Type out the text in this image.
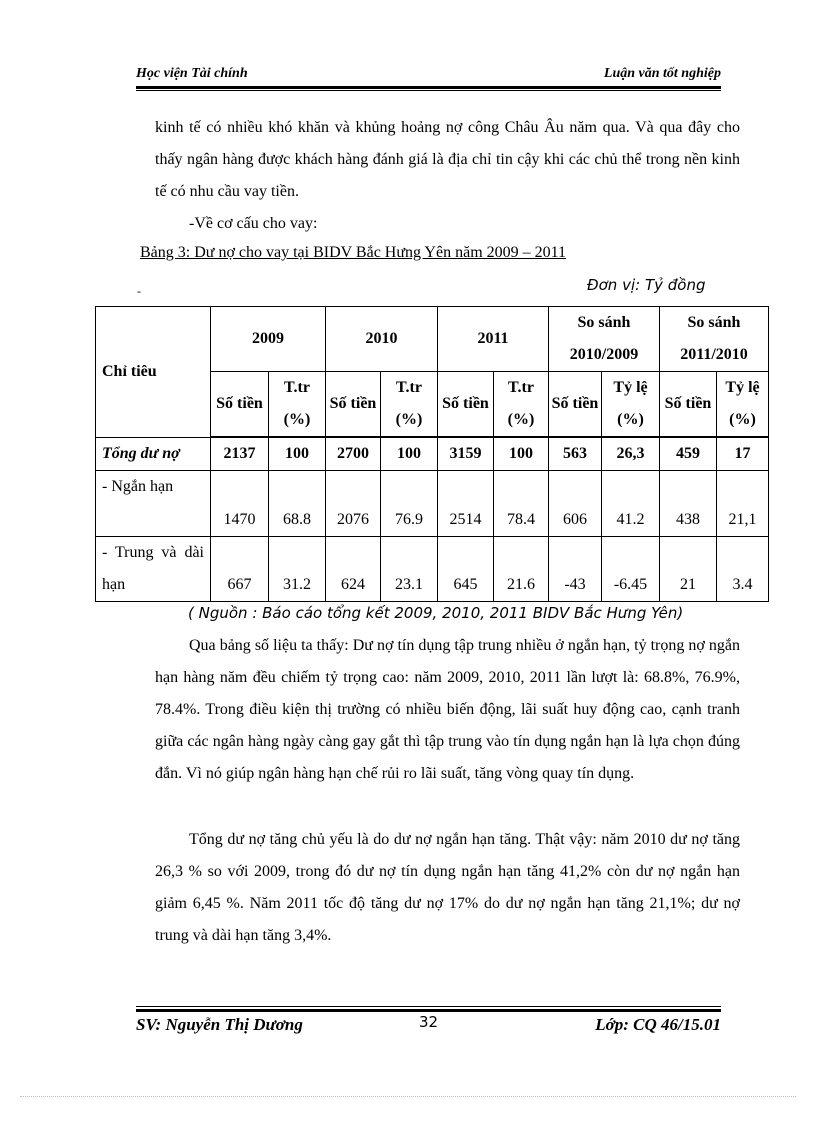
Học viện Tài chính	Luận văn tốt nghiệp

kinh tế có nhiều khó khăn và khủng hoảng nợ công Châu Âu năm qua. Và qua đây cho thấy ngân hàng được khách hàng đánh giá là địa chỉ tin cậy khi các chủ thể trong nền kinh tế có nhu cầu vay tiền.

-Về cơ cấu cho vay:

Bảng 3: Dư nợ cho vay tại BIDV Bắc Hưng Yên năm 2009 – 2011
-	Đơn vị: Tỷ đồng
Chỉ tiêu	2009		2010		2011		So sánh 2010/2009		So sánh 2011/2010	
	Số tiền	T.tr (%)	Số tiền	T.tr (%)	Số tiền	T.tr (%)	Số tiền	Tỷ lệ (%)	Số tiền	Tỷ lệ (%)

Tổng dư nợ	2137	100	2700	100	3159	100	563	26,3	459	17
- Ngắn hạn	1470	68.8	2076	76.9	2514	78.4	606	41.2	438	21,1
- Trung và dài hạn	667	31.2	624	23.1	645	21.6	-43	-6.45	21	3.4
( Nguồn : Báo cáo tổng kết 2009, 2010, 2011 BIDV Bắc Hưng Yên)

Qua bảng số liệu ta thấy: Dư nợ tín dụng tập trung nhiều ở ngắn hạn, tỷ trọng nợ ngắn hạn hàng năm đều chiếm tỷ trọng cao: năm 2009, 2010, 2011 lần lượt là: 68.8%, 76.9%, 78.4%. Trong điều kiện thị trường có nhiều biến động, lãi suất huy động cao, cạnh tranh giữa các ngân hàng ngày càng gay gắt thì tập trung vào tín dụng ngắn hạn là lựa chọn đúng đắn. Vì nó giúp ngân hàng hạn chế rủi ro lãi suất, tăng vòng quay tín dụng.

Tổng dư nợ tăng chủ yếu là do dư nợ ngắn hạn tăng. Thật vậy: năm 2010 dư nợ tăng 26,3 % so với 2009, trong đó dư nợ tín dụng ngắn hạn tăng 41,2% còn dư nợ ngắn hạn giảm 6,45 %. Năm 2011 tốc độ tăng dư nợ 17% do dư nợ ngắn hạn tăng 21,1%; dư nợ trung và dài hạn tăng 3,4%.

SV: Nguyễn Thị Dương	32	Lớp: CQ 46/15.01
